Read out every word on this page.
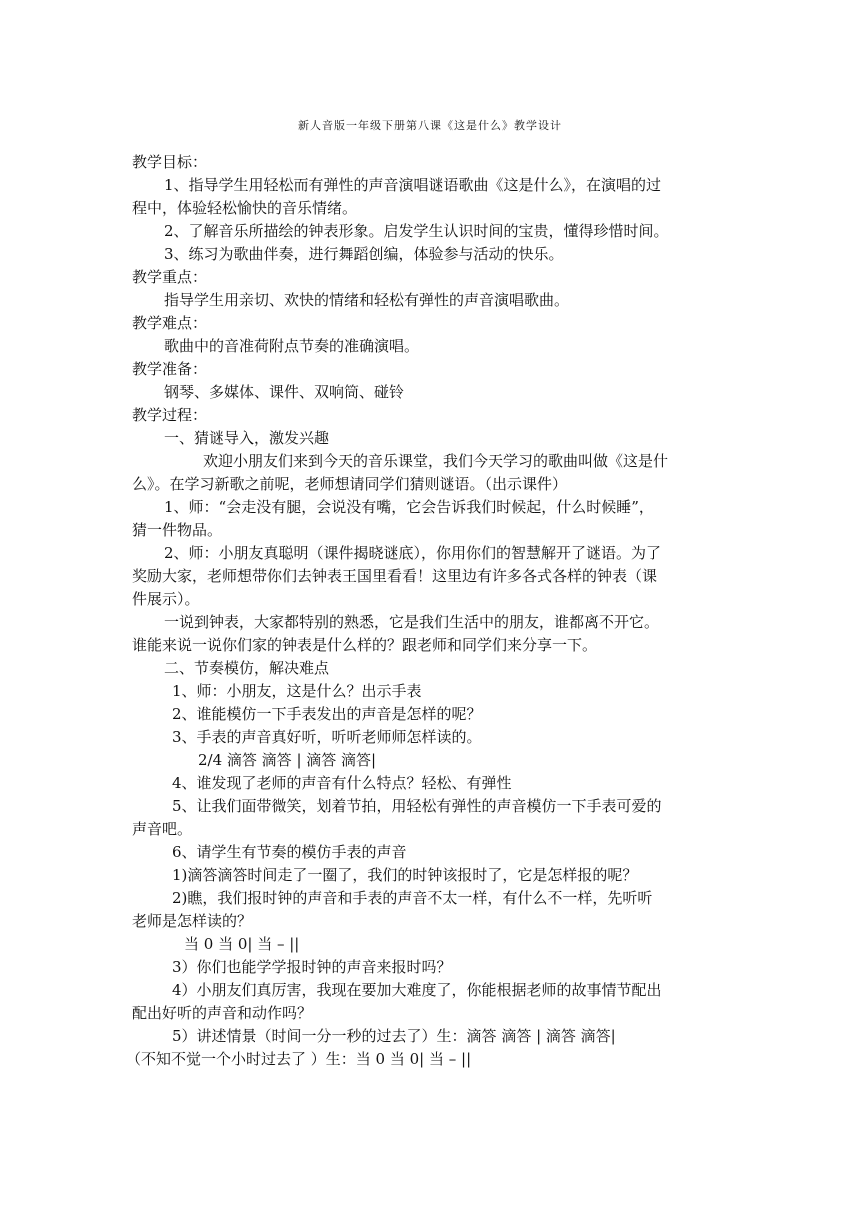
新人音版一年级下册第八课《这是什么》教学设计
教学目标：
1、指导学生用轻松而有弹性的声音演唱谜语歌曲《这是什么》，在演唱的过
程中，体验轻松愉快的音乐情绪。
2、了解音乐所描绘的钟表形象。启发学生认识时间的宝贵，懂得珍惜时间。
3、练习为歌曲伴奏，进行舞蹈创编，体验参与活动的快乐。
教学重点：
指导学生用亲切、欢快的情绪和轻松有弹性的声音演唱歌曲。
教学难点：
歌曲中的音准荷附点节奏的准确演唱。
教学准备：
钢琴、多媒体、课件、双响筒、碰铃
教学过程：
一、猜谜导入，激发兴趣
欢迎小朋友们来到今天的音乐课堂，我们今天学习的歌曲叫做《这是什
么》。在学习新歌之前呢，老师想请同学们猜则谜语。（出示课件）
1、师：“会走没有腿，会说没有嘴，它会告诉我们时候起，什么时候睡”，
猜一件物品。
2、师：小朋友真聪明（课件揭晓谜底），你用你们的智慧解开了谜语。为了
奖励大家，老师想带你们去钟表王国里看看！这里边有许多各式各样的钟表（课
件展示）。
一说到钟表，大家都特别的熟悉，它是我们生活中的朋友，谁都离不开它。
谁能来说一说你们家的钟表是什么样的？跟老师和同学们来分享一下。
二、节奏模仿，解决难点
1、师：小朋友，这是什么？出示手表
2、谁能模仿一下手表发出的声音是怎样的呢？
3、手表的声音真好听，听听老师师怎样读的。
2/4 滴答 滴答 | 滴答 滴答|
4、谁发现了老师的声音有什么特点？轻松、有弹性
5、让我们面带微笑，划着节拍，用轻松有弹性的声音模仿一下手表可爱的
声音吧。
6、请学生有节奏的模仿手表的声音
1)滴答滴答时间走了一圈了，我们的时钟该报时了，它是怎样报的呢？
2)瞧，我们报时钟的声音和手表的声音不太一样，有什么不一样，先听听
老师是怎样读的？
当 0 当 0| 当 – ||
3）你们也能学学报时钟的声音来报时吗？
4）小朋友们真厉害，我现在要加大难度了，你能根据老师的故事情节配出
配出好听的声音和动作吗？
5）讲述情景（时间一分一秒的过去了）生：滴答 滴答 | 滴答 滴答|
（不知不觉一个小时过去了 ）生：当 0 当 0| 当 – ||
